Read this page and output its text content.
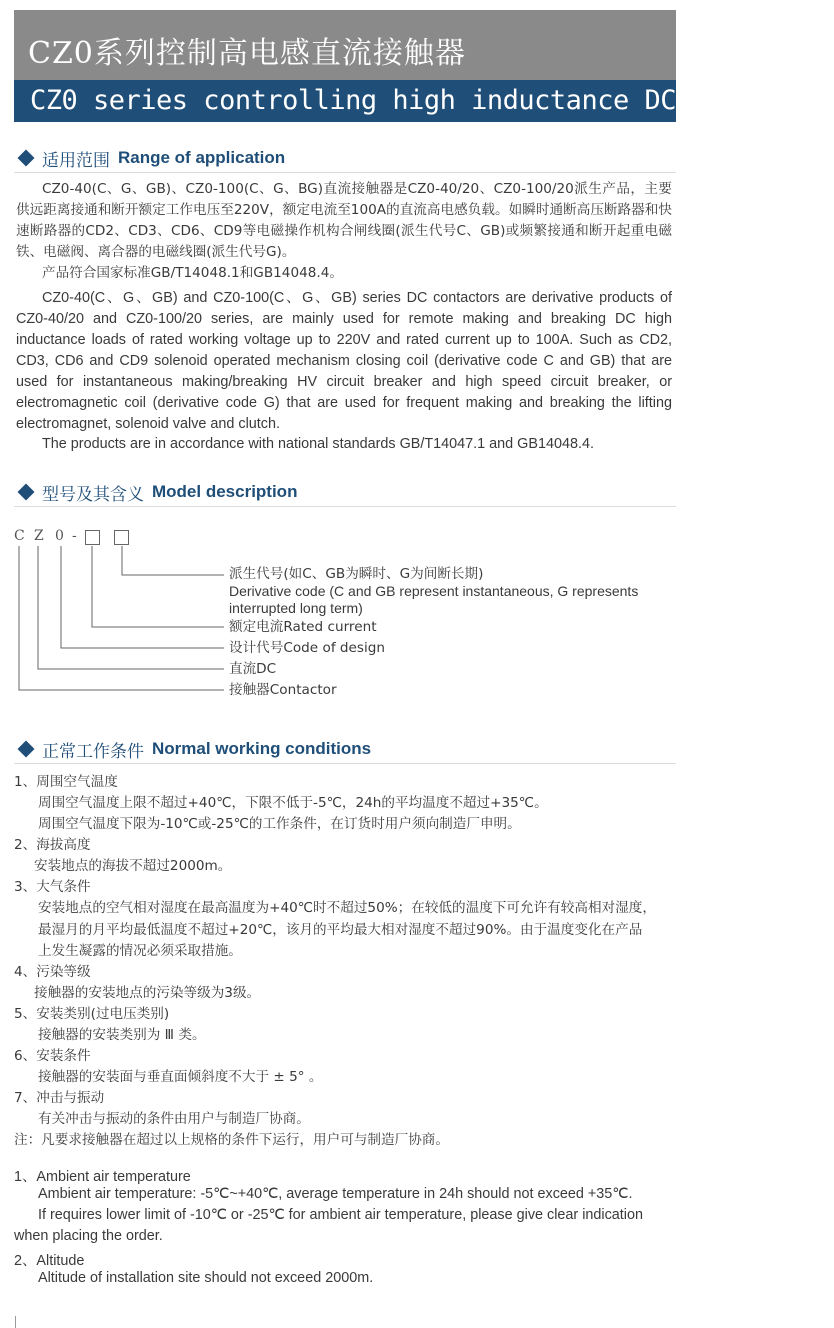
CZ0系列控制高电感直流接触器
CZ0 series controlling high inductance DC contactor
适用范围 Range of application
CZ0-40(C、G、GB)、CZ0-100(C、G、BG)直流接触器是CZ0-40/20、CZ0-100/20派生产品，主要供远距离接通和断开额定工作电压至220V，额定电流至100A的直流高电感负载。如瞬时通断高压断路器和快速断路器的CD2、CD3、CD6、CD9等电磁操作机构合闸线圈(派生代号C、GB)或频繁接通和断开起重电磁铁、电磁阀、离合器的电磁线圈(派生代号G)。
产品符合国家标准GB/T14048.1和GB14048.4。
CZ0-40(C、G、GB) and CZ0-100(C、G、GB) series DC contactors are derivative products of CZ0-40/20 and CZ0-100/20 series, are mainly used for remote making and breaking DC high inductance loads of rated working voltage up to 220V and rated current up to 100A. Such as CD2, CD3, CD6 and CD9 solenoid operated mechanism closing coil (derivative code C and GB) that are used for instantaneous making/breaking HV circuit breaker and high speed circuit breaker, or electromagnetic coil (derivative code G) that are used for frequent making and breaking the lifting electromagnet, solenoid valve and clutch.
The products are in accordance with national standards GB/T14047.1 and GB14048.4.
型号及其含义 Model description
C Z 0 -
派生代号(如C、GB为瞬时、G为间断长期)
Derivative code (C and GB represent instantaneous, G represents interrupted long term)
额定电流Rated current
设计代号Code of design
直流DC
接触器Contactor
正常工作条件 Normal working conditions
1、周围空气温度
周围空气温度上限不超过+40℃，下限不低于-5℃，24h的平均温度不超过+35℃。
周围空气温度下限为-10℃或-25℃的工作条件，在订货时用户须向制造厂申明。
2、海拔高度
安装地点的海拔不超过2000m。
3、大气条件
安装地点的空气相对湿度在最高温度为+40℃时不超过50%；在较低的温度下可允许有较高相对湿度，
最湿月的月平均最低温度不超过+20℃，该月的平均最大相对湿度不超过90%。由于温度变化在产品
上发生凝露的情况必须采取措施。
4、污染等级
接触器的安装地点的污染等级为3级。
5、安装类别(过电压类别)
接触器的安装类别为 Ⅲ 类。
6、安装条件
接触器的安装面与垂直面倾斜度不大于 ± 5° 。
7、冲击与振动
有关冲击与振动的条件由用户与制造厂协商。
注：凡要求接触器在超过以上规格的条件下运行，用户可与制造厂协商。
1、Ambient air temperature
Ambient air temperature: -5℃~+40℃, average temperature in 24h should not exceed +35℃.
If requires lower limit of -10℃ or -25℃ for ambient air temperature, please give clear indication
when placing the order.
2、Altitude
Altitude of installation site should not exceed 2000m.
